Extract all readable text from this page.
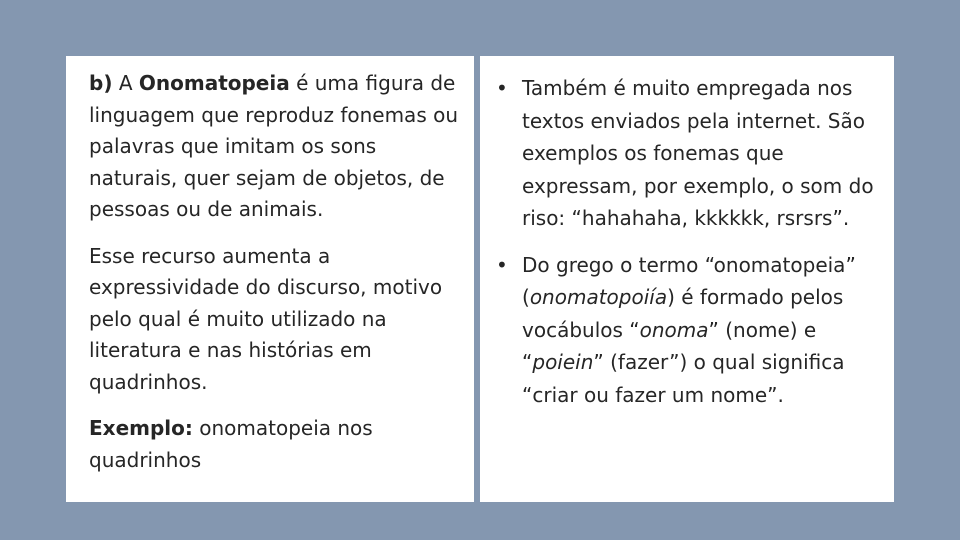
b) A Onomatopeia é uma figura de linguagem que reproduz fonemas ou palavras que imitam os sons naturais, quer sejam de objetos, de pessoas ou de animais.

Esse recurso aumenta a expressividade do discurso, motivo pelo qual é muito utilizado na literatura e nas histórias em quadrinhos.

Exemplo: onomatopeia nos quadrinhos

• Também é muito empregada nos textos enviados pela internet. São exemplos os fonemas que expressam, por exemplo, o som do riso: “hahahaha, kkkkkk, rsrsrs”.
• Do grego o termo “onomatopeia” (onomatopoiía) é formado pelos vocábulos “onoma” (nome) e “poiein” (fazer”) o qual significa “criar ou fazer um nome”.
